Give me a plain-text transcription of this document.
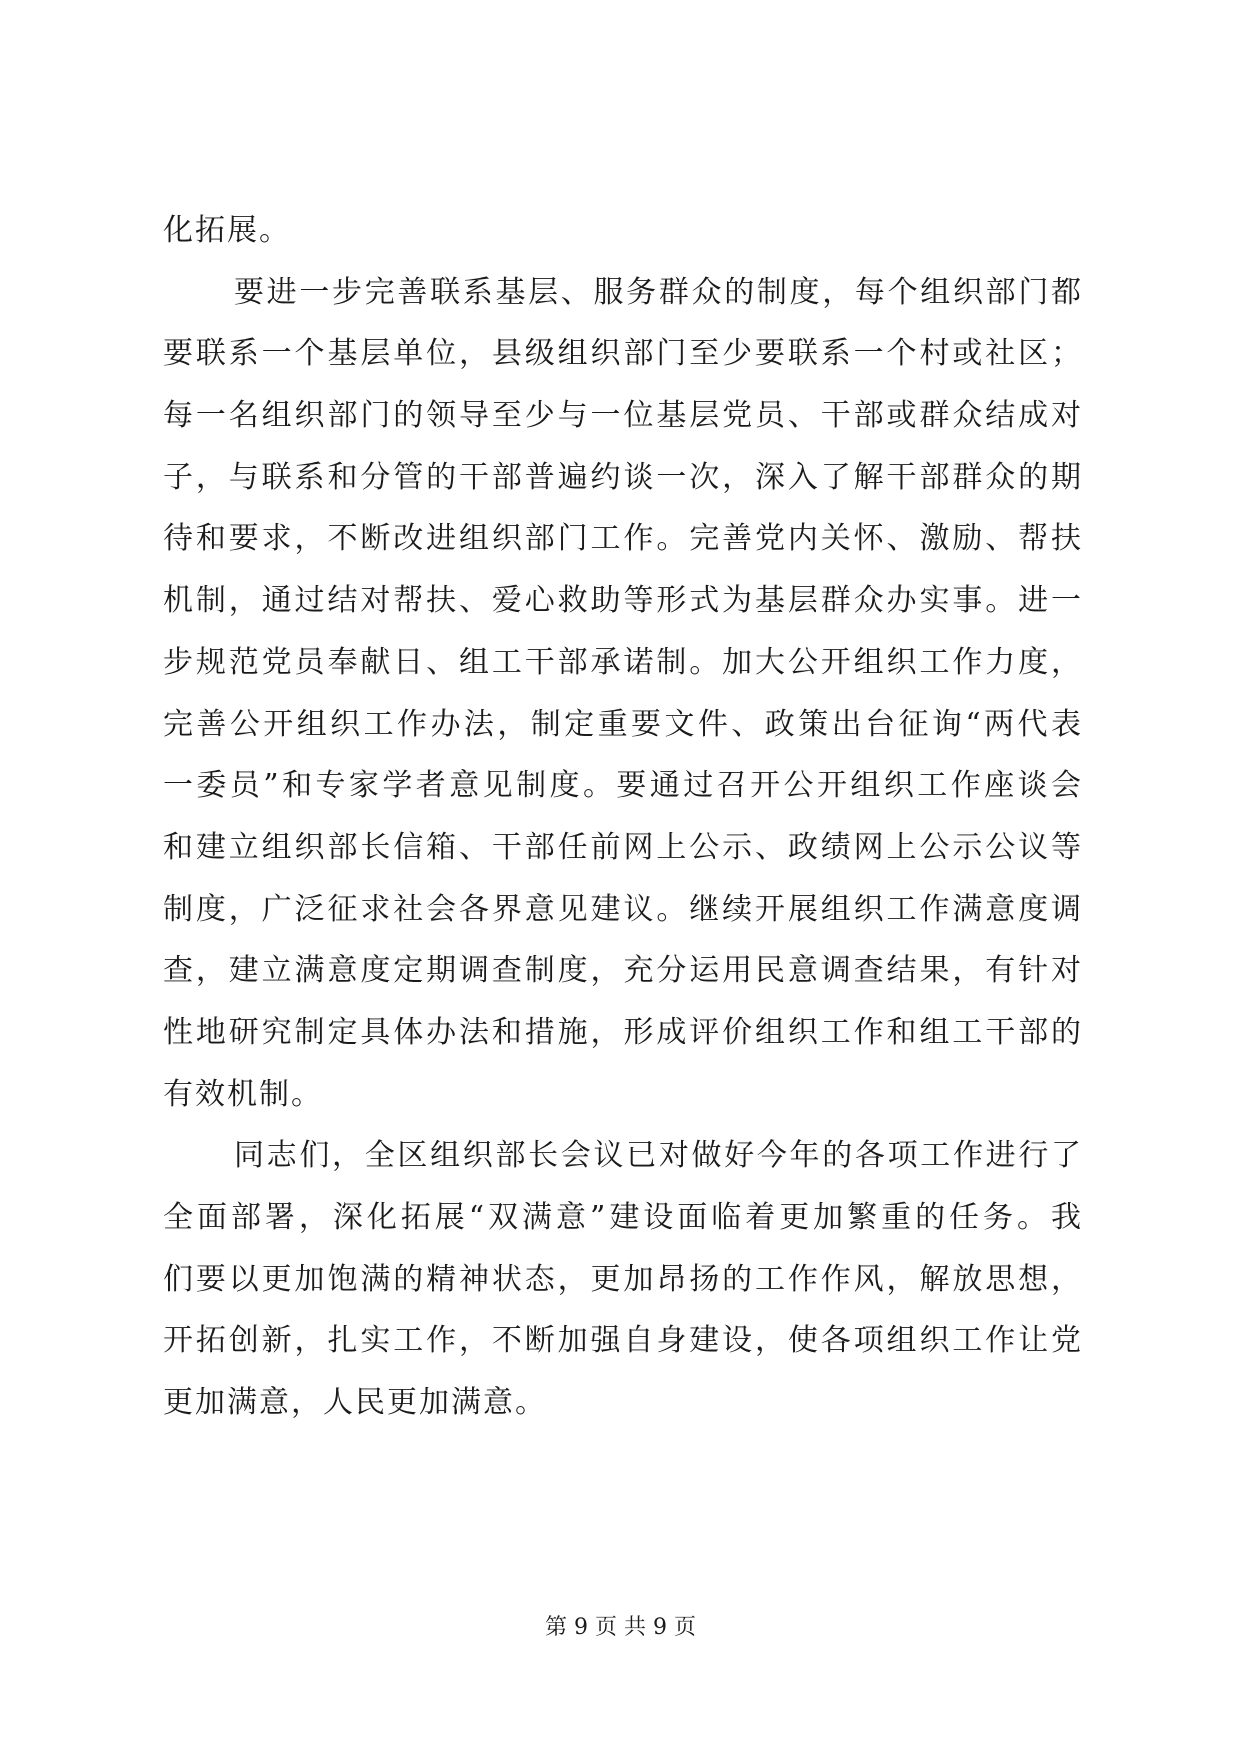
化拓展。
要进一步完善联系基层、服务群众的制度，每个组织部门都
要联系一个基层单位，县级组织部门至少要联系一个村或社区；
每一名组织部门的领导至少与一位基层党员、干部或群众结成对
子，与联系和分管的干部普遍约谈一次，深入了解干部群众的期
待和要求，不断改进组织部门工作。完善党内关怀、激励、帮扶
机制，通过结对帮扶、爱心救助等形式为基层群众办实事。进一
步规范党员奉献日、组工干部承诺制。加大公开组织工作力度，
完善公开组织工作办法，制定重要文件、政策出台征询“两代表
一委员”和专家学者意见制度。要通过召开公开组织工作座谈会
和建立组织部长信箱、干部任前网上公示、政绩网上公示公议等
制度，广泛征求社会各界意见建议。继续开展组织工作满意度调
查，建立满意度定期调查制度，充分运用民意调查结果，有针对
性地研究制定具体办法和措施，形成评价组织工作和组工干部的
有效机制。
同志们，全区组织部长会议已对做好今年的各项工作进行了
全面部署，深化拓展“双满意”建设面临着更加繁重的任务。我
们要以更加饱满的精神状态，更加昂扬的工作作风，解放思想，
开拓创新，扎实工作，不断加强自身建设，使各项组织工作让党
更加满意，人民更加满意。
第 9 页 共 9 页
